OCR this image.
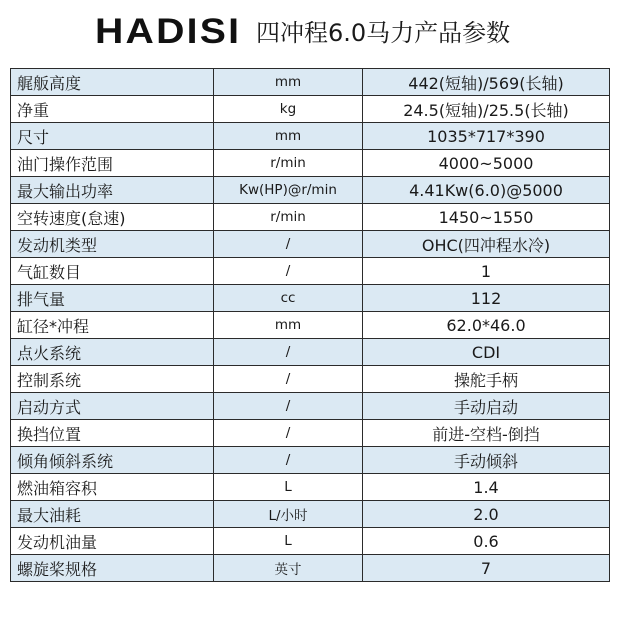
HADISI 四冲程6.0马力产品参数
艉舨高度	mm	442(短轴)/569(长轴)
净重	kg	24.5(短轴)/25.5(长轴)
尺寸	mm	1035*717*390
油门操作范围	r/min	4000~5000
最大输出功率	Kw(HP)@r/min	4.41Kw(6.0)@5000
空转速度(怠速)	r/min	1450~1550
发动机类型	/	OHC(四冲程水冷)
气缸数目	/	1
排气量	cc	112
缸径*冲程	mm	62.0*46.0
点火系统	/	CDI
控制系统	/	操舵手柄
启动方式	/	手动启动
换挡位置	/	前进-空档-倒挡
倾角倾斜系统	/	手动倾斜
燃油箱容积	L	1.4
最大油耗	L/小时	2.0
发动机油量	L	0.6
螺旋桨规格	英寸	7
